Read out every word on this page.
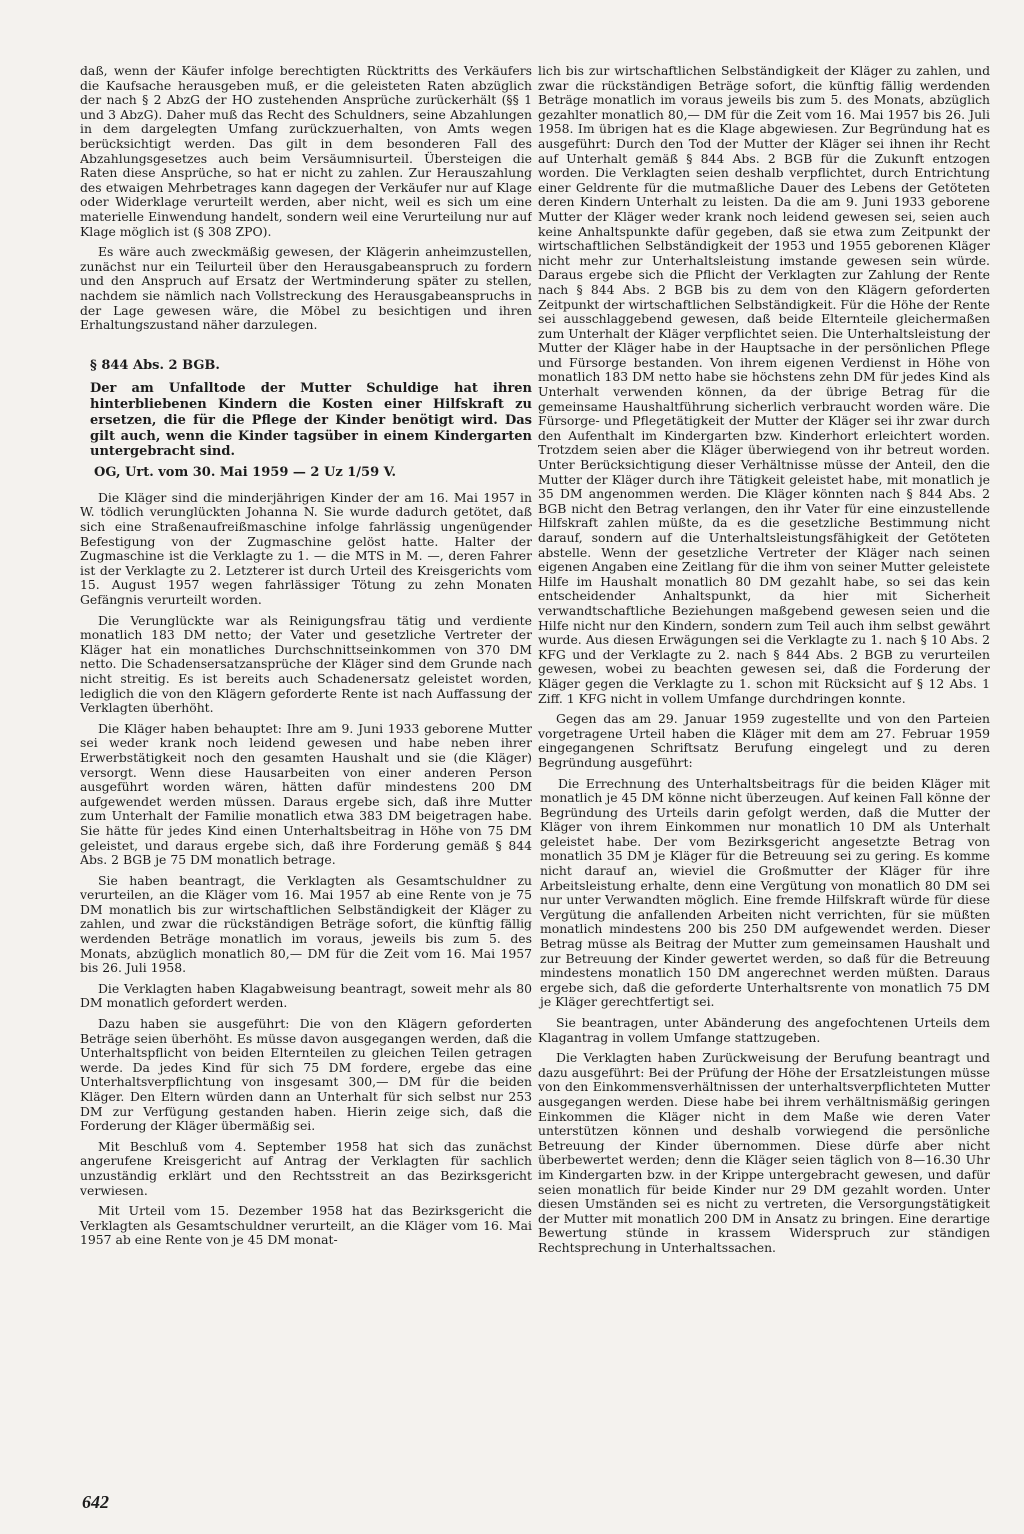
daß, wenn der Käufer infolge berechtigten Rücktritts des Verkäufers die Kaufsache herausgeben muß, er die geleisteten Raten abzüglich der nach § 2 AbzG der HO zustehenden Ansprüche zurückerhält (§§ 1 und 3 AbzG). Daher muß das Recht des Schuldners, seine Abzahlungen in dem dargelegten Umfang zurückzuerhalten, von Amts wegen berücksichtigt werden. Das gilt in dem besonderen Fall des Abzahlungsgesetzes auch beim Versäumnisurteil. Übersteigen die Raten diese Ansprüche, so hat er nicht zu zahlen. Zur Herauszahlung des etwaigen Mehrbetrages kann dagegen der Verkäufer nur auf Klage oder Widerklage verurteilt werden, aber nicht, weil es sich um eine materielle Einwendung handelt, sondern weil eine Verurteilung nur auf Klage möglich ist (§ 308 ZPO).

Es wäre auch zweckmäßig gewesen, der Klägerin anheimzustellen, zunächst nur ein Teilurteil über den Herausgabeanspruch zu fordern und den Anspruch auf Ersatz der Wertminderung später zu stellen, nachdem sie nämlich nach Vollstreckung des Herausgabeanspruchs in der Lage gewesen wäre, die Möbel zu besichtigen und ihren Erhaltungszustand näher darzulegen.

§ 844 Abs. 2 BGB.

Der am Unfalltode der Mutter Schuldige hat ihren hinterbliebenen Kindern die Kosten einer Hilfskraft zu ersetzen, die für die Pflege der Kinder benötigt wird. Das gilt auch, wenn die Kinder tagsüber in einem Kindergarten untergebracht sind.

OG, Urt. vom 30. Mai 1959 — 2 Uz 1/59 V.

Die Kläger sind die minderjährigen Kinder der am 16. Mai 1957 in W. tödlich verunglückten Johanna N. Sie wurde dadurch getötet, daß sich eine Straßenaufreißmaschine infolge fahrlässig ungenügender Befestigung von der Zugmaschine gelöst hatte. Halter der Zugmaschine ist die Verklagte zu 1. — die MTS in M. —, deren Fahrer ist der Verklagte zu 2. Letzterer ist durch Urteil des Kreisgerichts vom 15. August 1957 wegen fahrlässiger Tötung zu zehn Monaten Gefängnis verurteilt worden.

Die Verunglückte war als Reinigungsfrau tätig und verdiente monatlich 183 DM netto; der Vater und gesetzliche Vertreter der Kläger hat ein monatliches Durchschnittseinkommen von 370 DM netto. Die Schadensersatzansprüche der Kläger sind dem Grunde nach nicht streitig. Es ist bereits auch Schadenersatz geleistet worden, lediglich die von den Klägern geforderte Rente ist nach Auffassung der Verklagten überhöht.

Die Kläger haben behauptet: Ihre am 9. Juni 1933 geborene Mutter sei weder krank noch leidend gewesen und habe neben ihrer Erwerbstätigkeit noch den gesamten Haushalt und sie (die Kläger) versorgt. Wenn diese Hausarbeiten von einer anderen Person ausgeführt worden wären, hätten dafür mindestens 200 DM aufgewendet werden müssen. Daraus ergebe sich, daß ihre Mutter zum Unterhalt der Familie monatlich etwa 383 DM beigetragen habe. Sie hätte für jedes Kind einen Unterhaltsbeitrag in Höhe von 75 DM geleistet, und daraus ergebe sich, daß ihre Forderung gemäß § 844 Abs. 2 BGB je 75 DM monatlich betrage.

Sie haben beantragt, die Verklagten als Gesamtschuldner zu verurteilen, an die Kläger vom 16. Mai 1957 ab eine Rente von je 75 DM monatlich bis zur wirtschaftlichen Selbständigkeit der Kläger zu zahlen, und zwar die rückständigen Beträge sofort, die künftig fällig werdenden Beträge monatlich im voraus, jeweils bis zum 5. des Monats, abzüglich monatlich 80,— DM für die Zeit vom 16. Mai 1957 bis 26. Juli 1958.

Die Verklagten haben Klagabweisung beantragt, soweit mehr als 80 DM monatlich gefordert werden.

Dazu haben sie ausgeführt: Die von den Klägern geforderten Beträge seien überhöht. Es müsse davon ausgegangen werden, daß die Unterhaltspflicht von beiden Elternteilen zu gleichen Teilen getragen werde. Da jedes Kind für sich 75 DM fordere, ergebe das eine Unterhaltsverpflichtung von insgesamt 300,— DM für die beiden Kläger. Den Eltern würden dann an Unterhalt für sich selbst nur 253 DM zur Verfügung gestanden haben. Hierin zeige sich, daß die Forderung der Kläger übermäßig sei.

Mit Beschluß vom 4. September 1958 hat sich das zunächst angerufene Kreisgericht auf Antrag der Verklagten für sachlich unzuständig erklärt und den Rechtsstreit an das Bezirksgericht verwiesen.

Mit Urteil vom 15. Dezember 1958 hat das Bezirksgericht die Verklagten als Gesamtschuldner verurteilt, an die Kläger vom 16. Mai 1957 ab eine Rente von je 45 DM monat-

lich bis zur wirtschaftlichen Selbständigkeit der Kläger zu zahlen, und zwar die rückständigen Beträge sofort, die künftig fällig werdenden Beträge monatlich im voraus jeweils bis zum 5. des Monats, abzüglich gezahlter monatlich 80,— DM für die Zeit vom 16. Mai 1957 bis 26. Juli 1958. Im übrigen hat es die Klage abgewiesen. Zur Begründung hat es ausgeführt: Durch den Tod der Mutter der Kläger sei ihnen ihr Recht auf Unterhalt gemäß § 844 Abs. 2 BGB für die Zukunft entzogen worden. Die Verklagten seien deshalb verpflichtet, durch Entrichtung einer Geldrente für die mutmaßliche Dauer des Lebens der Getöteten deren Kindern Unterhalt zu leisten. Da die am 9. Juni 1933 geborene Mutter der Kläger weder krank noch leidend gewesen sei, seien auch keine Anhaltspunkte dafür gegeben, daß sie etwa zum Zeitpunkt der wirtschaftlichen Selbständigkeit der 1953 und 1955 geborenen Kläger nicht mehr zur Unterhaltsleistung imstande gewesen sein würde. Daraus ergebe sich die Pflicht der Verklagten zur Zahlung der Rente nach § 844 Abs. 2 BGB bis zu dem von den Klägern geforderten Zeitpunkt der wirtschaftlichen Selbständigkeit. Für die Höhe der Rente sei ausschlaggebend gewesen, daß beide Elternteile gleichermaßen zum Unterhalt der Kläger verpflichtet seien. Die Unterhaltsleistung der Mutter der Kläger habe in der Hauptsache in der persönlichen Pflege und Fürsorge bestanden. Von ihrem eigenen Verdienst in Höhe von monatlich 183 DM netto habe sie höchstens zehn DM für jedes Kind als Unterhalt verwenden können, da der übrige Betrag für die gemeinsame Haushaltführung sicherlich verbraucht worden wäre. Die Fürsorge- und Pflegetätigkeit der Mutter der Kläger sei ihr zwar durch den Aufenthalt im Kindergarten bzw. Kinderhort erleichtert worden. Trotzdem seien aber die Kläger überwiegend von ihr betreut worden. Unter Berücksichtigung dieser Verhältnisse müsse der Anteil, den die Mutter der Kläger durch ihre Tätigkeit geleistet habe, mit monatlich je 35 DM angenommen werden. Die Kläger könnten nach § 844 Abs. 2 BGB nicht den Betrag verlangen, den ihr Vater für eine einzustellende Hilfskraft zahlen müßte, da es die gesetzliche Bestimmung nicht darauf, sondern auf die Unterhaltsleistungsfähigkeit der Getöteten abstelle. Wenn der gesetzliche Vertreter der Kläger nach seinen eigenen Angaben eine Zeitlang für die ihm von seiner Mutter geleistete Hilfe im Haushalt monatlich 80 DM gezahlt habe, so sei das kein entscheidender Anhaltspunkt, da hier mit Sicherheit verwandtschaftliche Beziehungen maßgebend gewesen seien und die Hilfe nicht nur den Kindern, sondern zum Teil auch ihm selbst gewährt wurde. Aus diesen Erwägungen sei die Verklagte zu 1. nach § 10 Abs. 2 KFG und der Verklagte zu 2. nach § 844 Abs. 2 BGB zu verurteilen gewesen, wobei zu beachten gewesen sei, daß die Forderung der Kläger gegen die Verklagte zu 1. schon mit Rücksicht auf § 12 Abs. 1 Ziff. 1 KFG nicht in vollem Umfange durchdringen konnte.

Gegen das am 29. Januar 1959 zugestellte und von den Parteien vorgetragene Urteil haben die Kläger mit dem am 27. Februar 1959 eingegangenen Schriftsatz Berufung eingelegt und zu deren Begründung ausgeführt:

Die Errechnung des Unterhaltsbeitrags für die beiden Kläger mit monatlich je 45 DM könne nicht überzeugen. Auf keinen Fall könne der Begründung des Urteils darin gefolgt werden, daß die Mutter der Kläger von ihrem Einkommen nur monatlich 10 DM als Unterhalt geleistet habe. Der vom Bezirksgericht angesetzte Betrag von monatlich 35 DM je Kläger für die Betreuung sei zu gering. Es komme nicht darauf an, wieviel die Großmutter der Kläger für ihre Arbeitsleistung erhalte, denn eine Vergütung von monatlich 80 DM sei nur unter Verwandten möglich. Eine fremde Hilfskraft würde für diese Vergütung die anfallenden Arbeiten nicht verrichten, für sie müßten monatlich mindestens 200 bis 250 DM aufgewendet werden. Dieser Betrag müsse als Beitrag der Mutter zum gemeinsamen Haushalt und zur Betreuung der Kinder gewertet werden, so daß für die Betreuung mindestens monatlich 150 DM angerechnet werden müßten. Daraus ergebe sich, daß die geforderte Unterhaltsrente von monatlich 75 DM je Kläger gerechtfertigt sei.

Sie beantragen, unter Abänderung des angefochtenen Urteils dem Klagantrag in vollem Umfange stattzugeben.

Die Verklagten haben Zurückweisung der Berufung beantragt und dazu ausgeführt: Bei der Prüfung der Höhe der Ersatzleistungen müsse von den Einkommensverhältnissen der unterhaltsverpflichteten Mutter ausgegangen werden. Diese habe bei ihrem verhältnismäßig geringen Einkommen die Kläger nicht in dem Maße wie deren Vater unterstützen können und deshalb vorwiegend die persönliche Betreuung der Kinder übernommen. Diese dürfe aber nicht überbewertet werden; denn die Kläger seien täglich von 8—16.30 Uhr im Kindergarten bzw. in der Krippe untergebracht gewesen, und dafür seien monatlich für beide Kinder nur 29 DM gezahlt worden. Unter diesen Umständen sei es nicht zu vertreten, die Versorgungstätigkeit der Mutter mit monatlich 200 DM in Ansatz zu bringen. Eine derartige Bewertung stünde in krassem Widerspruch zur ständigen Rechtsprechung in Unterhaltssachen.

642
